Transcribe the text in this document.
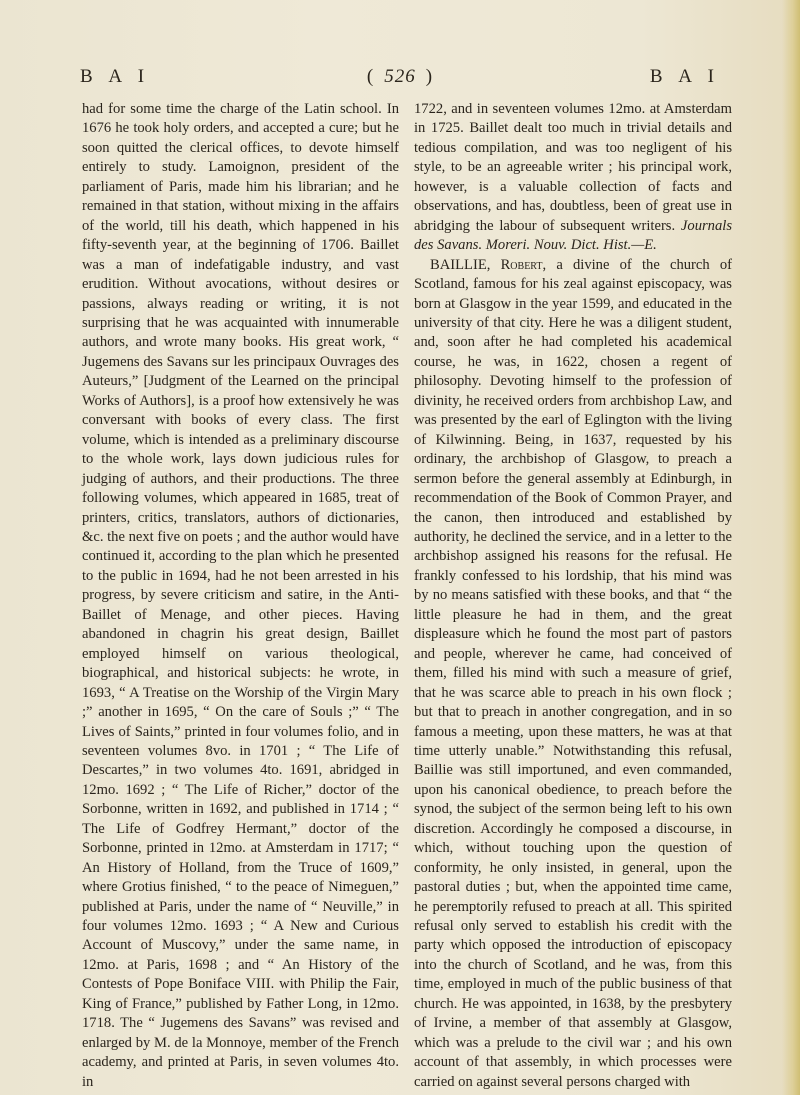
B A I	( 526 )	B A I

had for some time the charge of the Latin school. In 1676 he took holy orders, and accepted a cure; but he soon quitted the clerical offices, to devote himself entirely to study. Lamoignon, president of the parliament of Paris, made him his librarian; and he remained in that station, without mixing in the affairs of the world, till his death, which happened in his fifty-seventh year, at the beginning of 1706. Baillet was a man of indefatigable industry, and vast erudition. Without avocations, without desires or passions, always reading or writing, it is not surprising that he was acquainted with innumerable authors, and wrote many books. His great work, “ Jugemens des Savans sur les principaux Ouvrages des Auteurs,” [Judgment of the Learned on the principal Works of Authors], is a proof how extensively he was conversant with books of every class. The first volume, which is intended as a preliminary discourse to the whole work, lays down judicious rules for judging of authors, and their productions. The three following volumes, which appeared in 1685, treat of printers, critics, translators, authors of dictionaries, &c. the next five on poets ; and the author would have continued it, according to the plan which he presented to the public in 1694, had he not been arrested in his progress, by severe criticism and satire, in the Anti-Baillet of Menage, and other pieces. Having abandoned in chagrin his great design, Baillet employed himself on various theological, biographical, and historical subjects: he wrote, in 1693, “ A Treatise on the Worship of the Virgin Mary ;” another in 1695, “ On the care of Souls ;” “ The Lives of Saints,” printed in four volumes folio, and in seventeen volumes 8vo. in 1701 ; “ The Life of Descartes,” in two volumes 4to. 1691, abridged in 12mo. 1692 ; “ The Life of Richer,” doctor of the Sorbonne, written in 1692, and published in 1714 ; “ The Life of Godfrey Hermant,” doctor of the Sorbonne, printed in 12mo. at Amsterdam in 1717; “ An History of Holland, from the Truce of 1609,” where Grotius finished, “ to the peace of Nimeguen,” published at Paris, under the name of “ Neuville,” in four volumes 12mo. 1693 ; “ A New and Curious Account of Muscovy,” under the same name, in 12mo. at Paris, 1698 ; and “ An History of the Contests of Pope Boniface VIII. with Philip the Fair, King of France,” published by Father Long, in 12mo. 1718. The “ Jugemens des Savans” was revised and enlarged by M. de la Monnoye, member of the French academy, and printed at Paris, in seven volumes 4to. in

1722, and in seventeen volumes 12mo. at Amsterdam in 1725. Baillet dealt too much in trivial details and tedious compilation, and was too negligent of his style, to be an agreeable writer ; his principal work, however, is a valuable collection of facts and observations, and has, doubtless, been of great use in abridging the labour of subsequent writers. Journals des Savans. Moreri. Nouv. Dict. Hist.—E.

BAILLIE, Robert, a divine of the church of Scotland, famous for his zeal against episcopacy, was born at Glasgow in the year 1599, and educated in the university of that city. Here he was a diligent student, and, soon after he had completed his academical course, he was, in 1622, chosen a regent of philosophy. Devoting himself to the profession of divinity, he received orders from archbishop Law, and was presented by the earl of Eglington with the living of Kilwinning. Being, in 1637, requested by his ordinary, the archbishop of Glasgow, to preach a sermon before the general assembly at Edinburgh, in recommendation of the Book of Common Prayer, and the canon, then introduced and established by authority, he declined the service, and in a letter to the archbishop assigned his reasons for the refusal. He frankly confessed to his lordship, that his mind was by no means satisfied with these books, and that “ the little pleasure he had in them, and the great displeasure which he found the most part of pastors and people, wherever he came, had conceived of them, filled his mind with such a measure of grief, that he was scarce able to preach in his own flock ; but that to preach in another congregation, and in so famous a meeting, upon these matters, he was at that time utterly unable.” Notwithstanding this refusal, Baillie was still importuned, and even commanded, upon his canonical obedience, to preach before the synod, the subject of the sermon being left to his own discretion. Accordingly he composed a discourse, in which, without touching upon the question of conformity, he only insisted, in general, upon the pastoral duties ; but, when the appointed time came, he peremptorily refused to preach at all. This spirited refusal only served to establish his credit with the party which opposed the introduction of episcopacy into the church of Scotland, and he was, from this time, employed in much of the public business of that church. He was appointed, in 1638, by the presbytery of Irvine, a member of that assembly at Glasgow, which was a prelude to the civil war ; and his own account of that assembly, in which processes were carried on against several persons charged with
